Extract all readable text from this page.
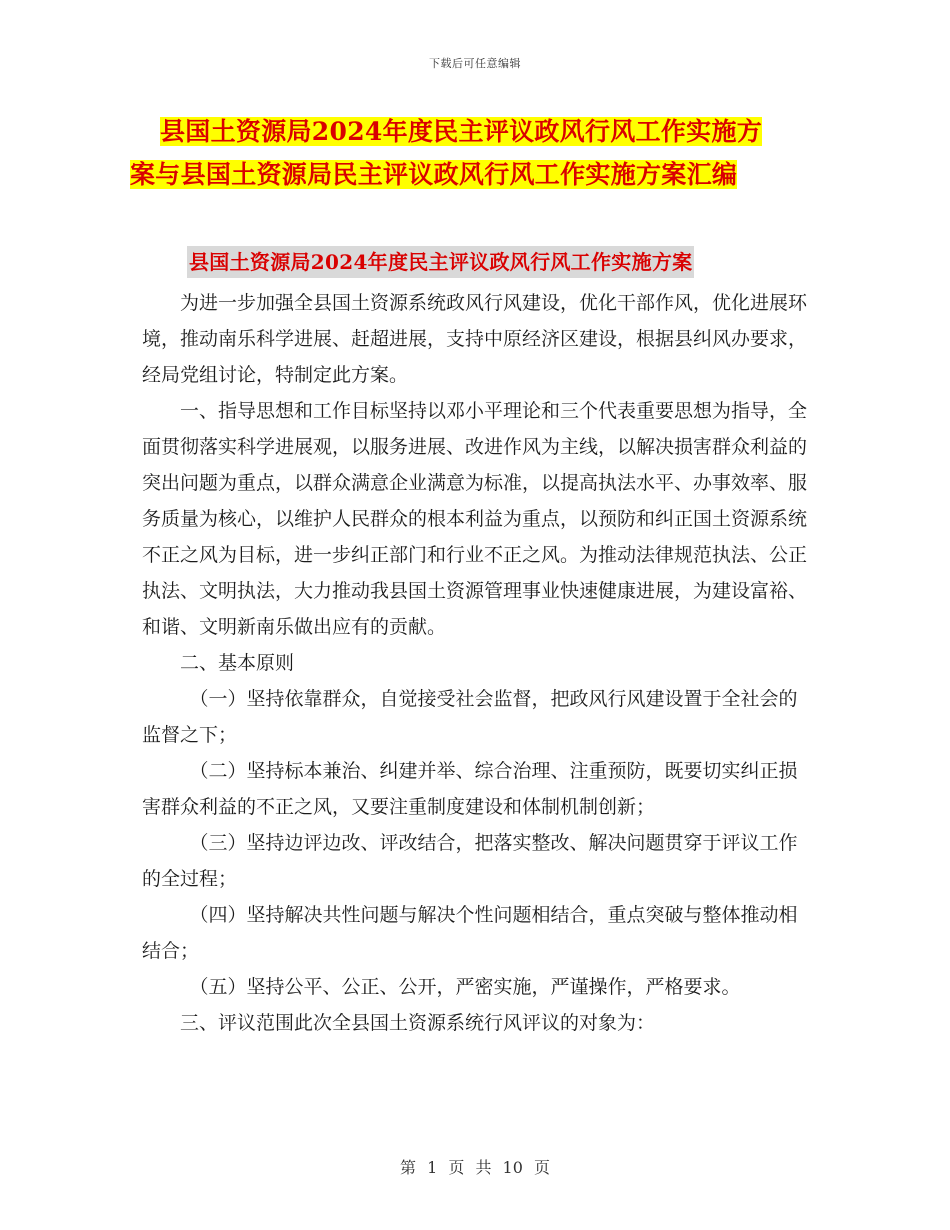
下载后可任意编辑
县国土资源局2024年度民主评议政风行风工作实施方
案与县国土资源局民主评议政风行风工作实施方案汇编
县国土资源局2024年度民主评议政风行风工作实施方案

为进一步加强全县国土资源系统政风行风建设，优化干部作风，优化进展环境，推动南乐科学进展、赶超进展，支持中原经济区建设，根据县纠风办要求，经局党组讨论，特制定此方案。

一、指导思想和工作目标坚持以邓小平理论和三个代表重要思想为指导，全面贯彻落实科学进展观，以服务进展、改进作风为主线，以解决损害群众利益的突出问题为重点，以群众满意企业满意为标准，以提高执法水平、办事效率、服务质量为核心，以维护人民群众的根本利益为重点，以预防和纠正国土资源系统不正之风为目标，进一步纠正部门和行业不正之风。为推动法律规范执法、公正执法、文明执法，大力推动我县国土资源管理事业快速健康进展，为建设富裕、和谐、文明新南乐做出应有的贡献。

二、基本原则

（一）坚持依靠群众，自觉接受社会监督，把政风行风建设置于全社会的监督之下；

（二）坚持标本兼治、纠建并举、综合治理、注重预防，既要切实纠正损害群众利益的不正之风，又要注重制度建设和体制机制创新；

（三）坚持边评边改、评改结合，把落实整改、解决问题贯穿于评议工作的全过程；

（四）坚持解决共性问题与解决个性问题相结合，重点突破与整体推动相结合；

（五）坚持公平、公正、公开，严密实施，严谨操作，严格要求。

三、评议范围此次全县国土资源系统行风评议的对象为：

第 1 页 共 10 页
